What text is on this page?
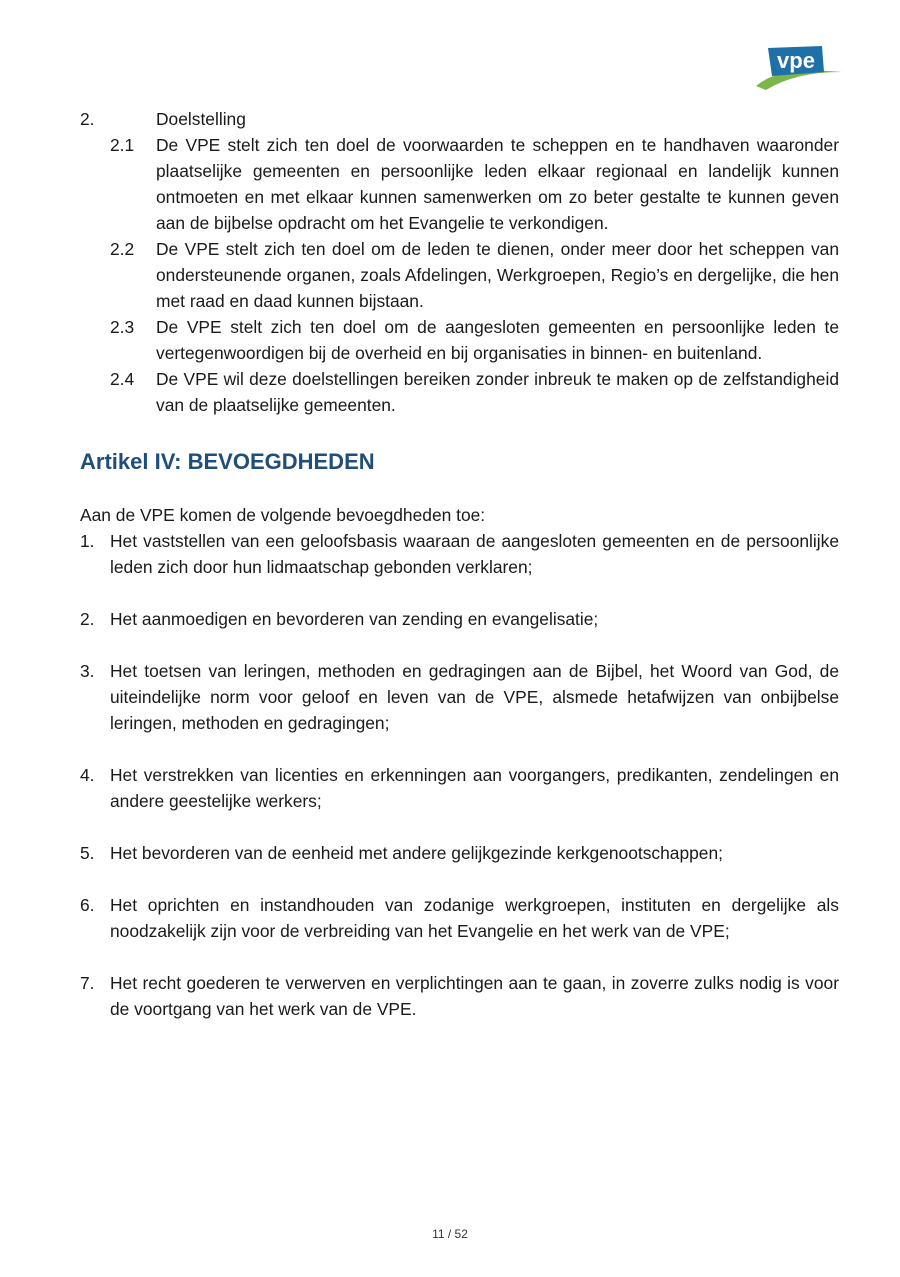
vpe
2.	Doelstelling
2.1	De VPE stelt zich ten doel de voorwaarden te scheppen en te handhaven waaronder plaatselijke gemeenten en persoonlijke leden elkaar regionaal en landelijk kunnen ontmoeten en met elkaar kunnen samenwerken om zo beter gestalte te kunnen geven aan de bijbelse opdracht om het Evangelie te verkondigen.
2.2	De VPE stelt zich ten doel om de leden te dienen, onder meer door het scheppen van ondersteunende organen, zoals Afdelingen, Werkgroepen, Regio’s en dergelijke, die hen met raad en daad kunnen bijstaan.
2.3	De VPE stelt zich ten doel om de aangesloten gemeenten en persoonlijke leden te vertegenwoordigen bij de overheid en bij organisaties in binnen- en buitenland.
2.4	De VPE wil deze doelstellingen bereiken zonder inbreuk te maken op de zelfstandigheid van de plaatselijke gemeenten.
Artikel IV: BEVOEGDHEDEN

Aan de VPE komen de volgende bevoegdheden toe:

1. Het vaststellen van een geloofsbasis waaraan de aangesloten gemeenten en de persoonlijke leden zich door hun lidmaatschap gebonden verklaren;
2. Het aanmoedigen en bevorderen van zending en evangelisatie;
3. Het toetsen van leringen, methoden en gedragingen aan de Bijbel, het Woord van God, de uiteindelijke norm voor geloof en leven van de VPE, alsmede hetafwijzen van onbijbelse leringen, methoden en gedragingen;
4. Het verstrekken van licenties en erkenningen aan voorgangers, predikanten, zendelingen en andere geestelijke werkers;
5. Het bevorderen van de eenheid met andere gelijkgezinde kerkgenootschappen;
6. Het oprichten en instandhouden van zodanige werkgroepen, instituten en dergelijke als noodzakelijk zijn voor de verbreiding van het Evangelie en het werk van de VPE;
7. Het recht goederen te verwerven en verplichtingen aan te gaan, in zoverre zulks nodig is voor de voortgang van het werk van de VPE.
11 / 52
